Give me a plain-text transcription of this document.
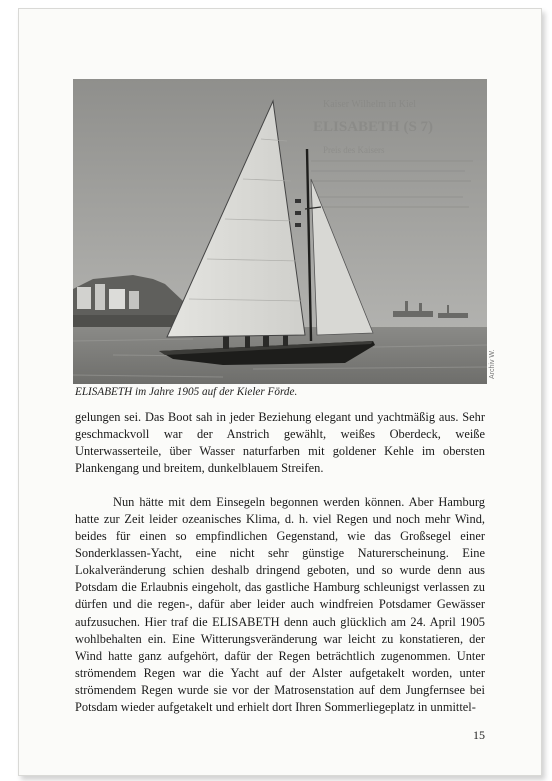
Kaiser Wilhelm in Kiel
ELISABETH (S 7)
Preis des Kaisers
Archiv W.
ELISABETH im Jahre 1905 auf der Kieler Förde.

gelungen sei. Das Boot sah in jeder Beziehung elegant und yachtmäßig aus. Sehr geschmackvoll war der Anstrich gewählt, weißes Oberdeck, weiße Unterwasserteile, über Wasser naturfarben mit goldener Kehle im obersten Plankengang und breitem, dunkelblauem Streifen.

Nun hätte mit dem Einsegeln begonnen werden können. Aber Hamburg hatte zur Zeit leider ozeanisches Klima, d. h. viel Regen und noch mehr Wind, beides für einen so empfindlichen Gegenstand, wie das Großsegel einer Sonderklassen-Yacht, eine nicht sehr günstige Naturerscheinung. Eine Lokalveränderung schien deshalb dringend geboten, und so wurde denn aus Potsdam die Erlaubnis eingeholt, das gastliche Hamburg schleunigst verlassen zu dürfen und die regen-, dafür aber leider auch windfreien Potsdamer Gewässer aufzusuchen. Hier traf die ELISABETH denn auch glücklich am 24. April 1905 wohlbehalten ein. Eine Witterungsveränderung war leicht zu konstatieren, der Wind hatte ganz aufgehört, dafür der Regen beträchtlich zugenommen. Unter strömendem Regen war die Yacht auf der Alster aufgetakelt worden, unter strömendem Regen wurde sie vor der Matrosenstation auf dem Jungfernsee bei Potsdam wieder aufgetakelt und erhielt dort Ihren Sommerliegeplatz in unmittel-

15
